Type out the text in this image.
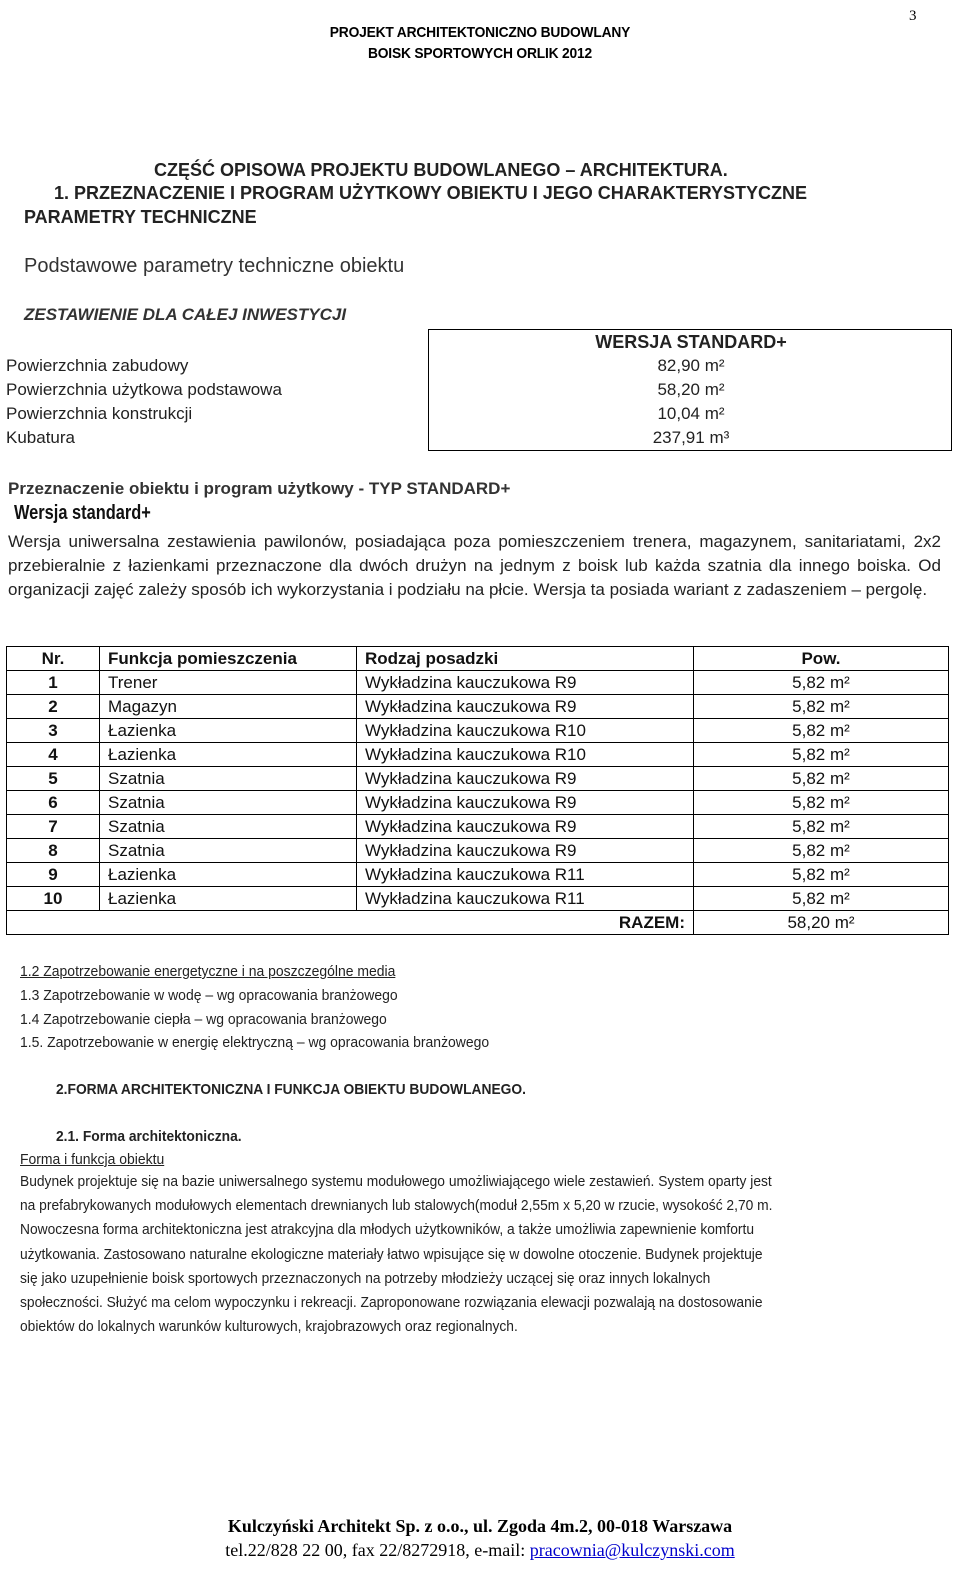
3
PROJEKT ARCHITEKTONICZNO BUDOWLANY
BOISK SPORTOWYCH ORLIK 2012
CZĘŚĆ OPISOWA PROJEKTU BUDOWLANEGO – ARCHITEKTURA.
1. PRZEZNACZENIE I PROGRAM UŻYTKOWY OBIEKTU I JEGO CHARAKTERYSTYCZNE
PARAMETRY TECHNICZNE
Podstawowe parametry techniczne obiektu
ZESTAWIENIE DLA CAŁEJ INWESTYCJI
	WERSJA STANDARD+
Powierzchnia zabudowy	82,90 m²
Powierzchnia użytkowa podstawowa	58,20 m²
Powierzchnia konstrukcji	10,04 m²
Kubatura	237,91 m³
Przeznaczenie obiektu i program użytkowy - TYP STANDARD+
Wersja standard+
Wersja uniwersalna zestawienia pawilonów, posiadająca poza pomieszczeniem trenera, magazynem, sanitariatami, 2x2 przebieralnie z łazienkami przeznaczone dla dwóch drużyn na jednym z boisk lub każda szatnia dla innego boiska. Od organizacji zajęć zależy sposób ich wykorzystania i podziału na płcie. Wersja ta posiada wariant z zadaszeniem – pergolę.
Nr.	Funkcja pomieszczenia	Rodzaj posadzki	Pow.
1	Trener	Wykładzina kauczukowa R9	5,82 m²
2	Magazyn	Wykładzina kauczukowa R9	5,82 m²
3	Łazienka	Wykładzina kauczukowa R10	5,82 m²
4	Łazienka	Wykładzina kauczukowa R10	5,82 m²
5	Szatnia	Wykładzina kauczukowa R9	5,82 m²
6	Szatnia	Wykładzina kauczukowa R9	5,82 m²
7	Szatnia	Wykładzina kauczukowa R9	5,82 m²
8	Szatnia	Wykładzina kauczukowa R9	5,82 m²
9	Łazienka	Wykładzina kauczukowa R11	5,82 m²
10	Łazienka	Wykładzina kauczukowa R11	5,82 m²
RAZEM:			58,20 m²
1.2 Zapotrzebowanie energetyczne i na poszczególne media
1.3 Zapotrzebowanie w wodę – wg opracowania branżowego
1.4 Zapotrzebowanie ciepła – wg opracowania branżowego
1.5. Zapotrzebowanie w energię elektryczną – wg opracowania branżowego
2.FORMA ARCHITEKTONICZNA I FUNKCJA OBIEKTU BUDOWLANEGO.
2.1. Forma architektoniczna.
Forma i funkcja obiektu
Budynek projektuje się na bazie uniwersalnego systemu modułowego umożliwiającego wiele zestawień. System oparty jest
na prefabrykowanych modułowych elementach drewnianych lub stalowych(moduł 2,55m x 5,20 w rzucie, wysokość 2,70 m.
Nowoczesna forma architektoniczna jest atrakcyjna dla młodych użytkowników, a także umożliwia zapewnienie komfortu
użytkowania. Zastosowano naturalne ekologiczne materiały łatwo wpisujące się w dowolne otoczenie. Budynek projektuje
się jako uzupełnienie boisk sportowych przeznaczonych na potrzeby młodzieży uczącej się oraz innych lokalnych
społeczności. Służyć ma celom wypoczynku i rekreacji. Zaproponowane rozwiązania elewacji pozwalają na dostosowanie
obiektów do lokalnych warunków kulturowych, krajobrazowych oraz regionalnych.
Kulczyński Architekt Sp. z o.o., ul. Zgoda 4m.2, 00-018 Warszawa
tel.22/828 22 00, fax 22/8272918, e-mail: pracownia@kulczynski.com
